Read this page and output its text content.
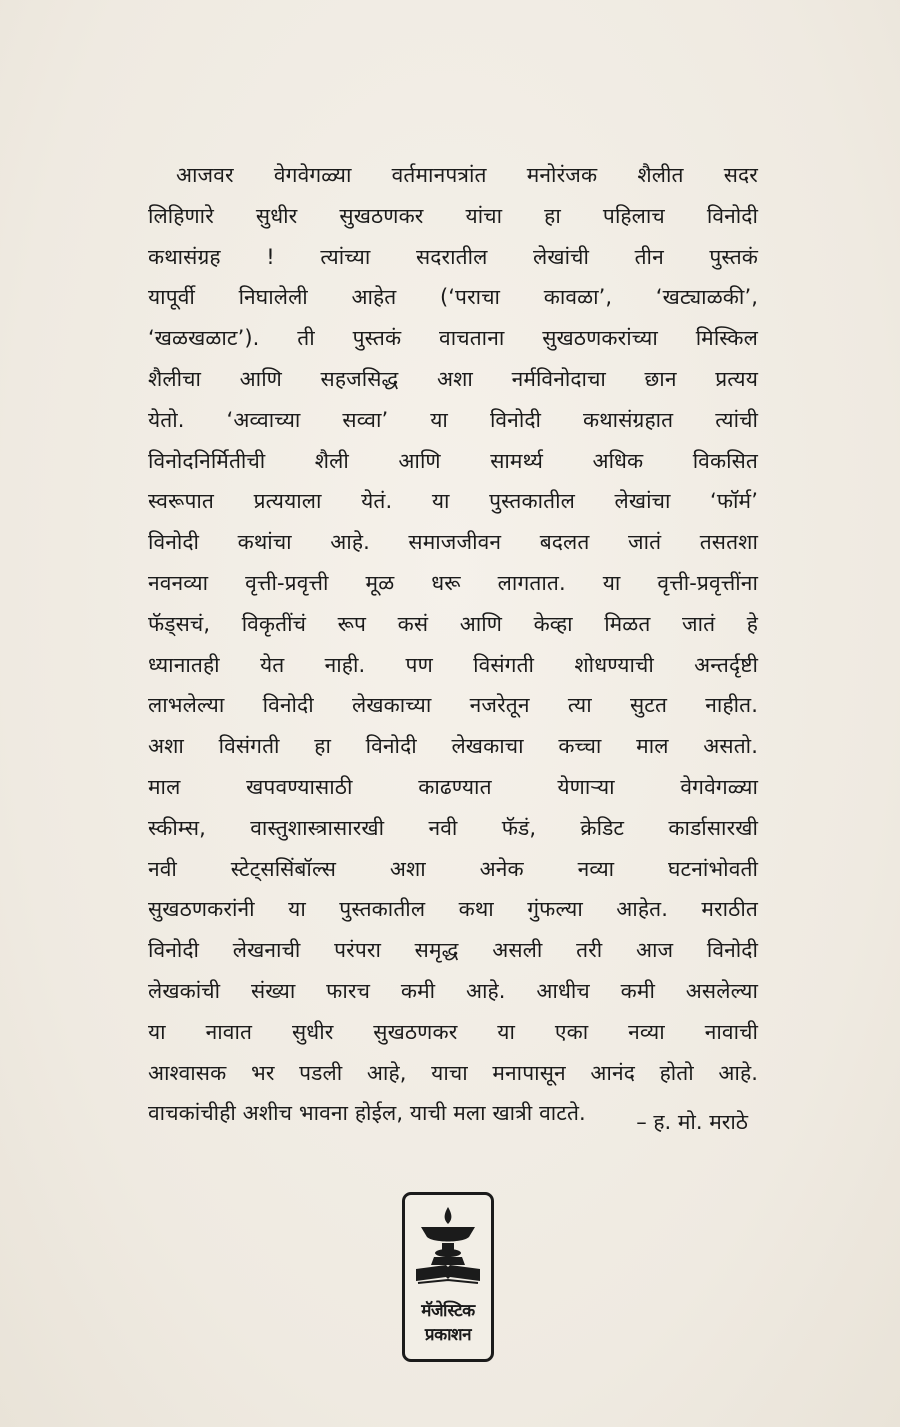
आजवर वेगवेगळ्या वर्तमानपत्रांत मनोरंजक शैलीत सदर
लिहिणारे सुधीर सुखठणकर यांचा हा पहिलाच विनोदी
कथासंग्रह ! त्यांच्या सदरातील लेखांची तीन पुस्तकं
यापूर्वी निघालेली आहेत (‘पराचा कावळा’, ‘खट्याळकी’,
‘खळखळाट’). ती पुस्तकं वाचताना सुखठणकरांच्या मिस्किल
शैलीचा आणि सहजसिद्ध अशा नर्मविनोदाचा छान प्रत्यय
येतो. ‘अव्वाच्या सव्वा’ या विनोदी कथासंग्रहात त्यांची
विनोदनिर्मितीची शैली आणि सामर्थ्य अधिक विकसित
स्वरूपात प्रत्ययाला येतं. या पुस्तकातील लेखांचा ‘फॉर्म’
विनोदी कथांचा आहे. समाजजीवन बदलत जातं तसतशा
नवनव्या वृत्ती-प्रवृत्ती मूळ धरू लागतात. या वृत्ती-प्रवृत्तींना
फॅड्सचं, विकृतींचं रूप कसं आणि केव्हा मिळत जातं हे
ध्यानातही येत नाही. पण विसंगती शोधण्याची अन्तर्दृष्टी
लाभलेल्या विनोदी लेखकाच्या नजरेतून त्या सुटत नाहीत.
अशा विसंगती हा विनोदी लेखकाचा कच्चा माल असतो.
माल खपवण्यासाठी काढण्यात येणाऱ्या वेगवेगळ्या
स्कीम्स, वास्तुशास्त्रासारखी नवी फॅडं, क्रेडिट कार्डासारखी
नवी स्टेट्ससिंबॉल्स अशा अनेक नव्या घटनांभोवती
सुखठणकरांनी या पुस्तकातील कथा गुंफल्या आहेत. मराठीत
विनोदी लेखनाची परंपरा समृद्ध असली तरी आज विनोदी
लेखकांची संख्या फारच कमी आहे. आधीच कमी असलेल्या
या नावात सुधीर सुखठणकर या एका नव्या नावाची
आश्वासक भर पडली आहे, याचा मनापासून आनंद होतो आहे.
वाचकांचीही अशीच भावना होईल, याची मला खात्री वाटते.	– ह. मो. मराठे
मॅजेस्टिक
प्रकाशन
